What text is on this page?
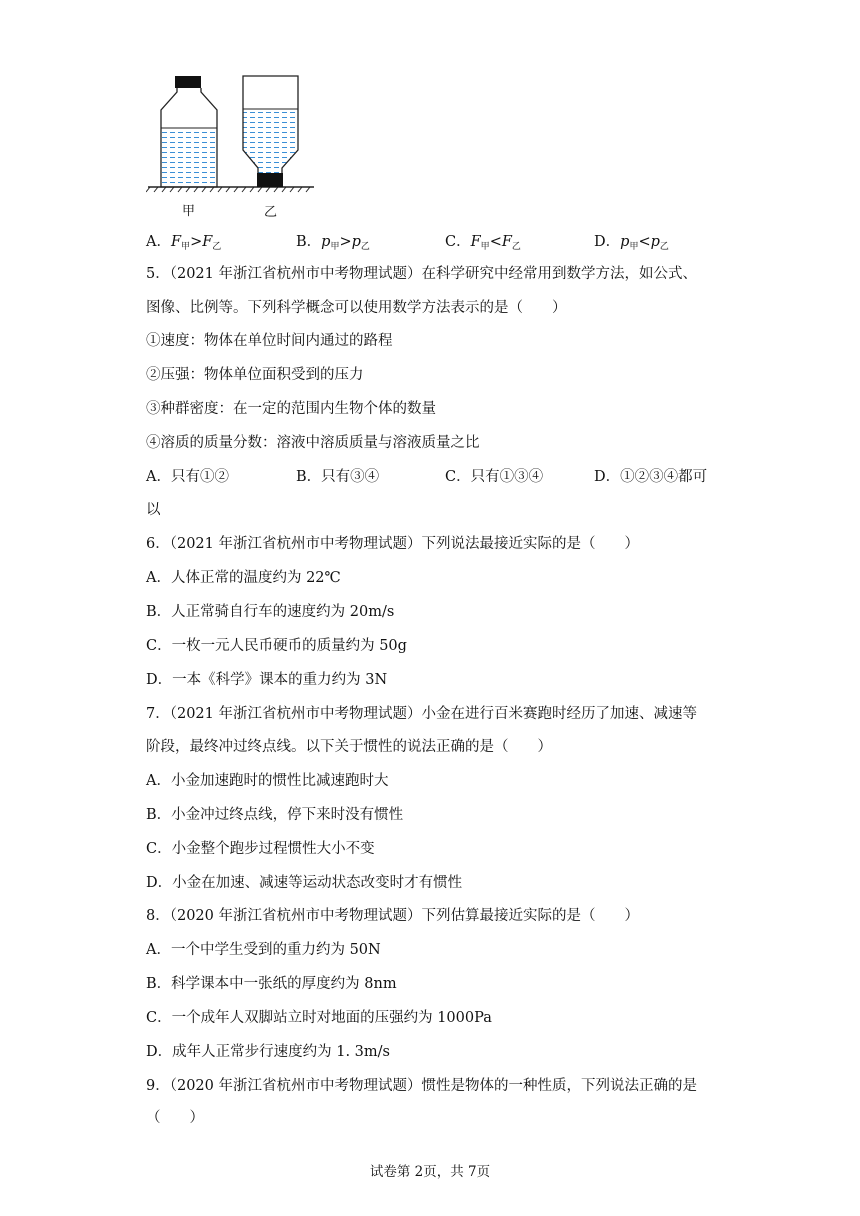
甲	乙
A．$F_甲>F_乙$	B．$p_甲>p_乙$	C．$F_甲<F_乙$	D．$p_甲<p_乙$
5．（2021 年浙江省杭州市中考物理试题）在科学研究中经常用到数学方法，如公式、
图像、比例等。下列科学概念可以使用数学方法表示的是（　　）
①速度：物体在单位时间内通过的路程
②压强：物体单位面积受到的压力
③种群密度：在一定的范围内生物个体的数量
④溶质的质量分数：溶液中溶质质量与溶液质量之比
A．只有①②	B．只有③④	C．只有①③④	D．①②③④都可
以
6．（2021 年浙江省杭州市中考物理试题）下列说法最接近实际的是（　　）
A．人体正常的温度约为 22℃
B．人正常骑自行车的速度约为 20m/s
C．一枚一元人民币硬币的质量约为 50g
D．一本《科学》课本的重力约为 3N
7．（2021 年浙江省杭州市中考物理试题）小金在进行百米赛跑时经历了加速、减速等
阶段，最终冲过终点线。以下关于惯性的说法正确的是（　　）
A．小金加速跑时的惯性比减速跑时大
B．小金冲过终点线，停下来时没有惯性
C．小金整个跑步过程惯性大小不变
D．小金在加速、减速等运动状态改变时才有惯性
8．（2020 年浙江省杭州市中考物理试题）下列估算最接近实际的是（　　）
A．一个中学生受到的重力约为 50N
B．科学课本中一张纸的厚度约为 8nm
C．一个成年人双脚站立时对地面的压强约为 1000Pa
D．成年人正常步行速度约为 1. 3m/s
9．（2020 年浙江省杭州市中考物理试题）惯性是物体的一种性质，下列说法正确的是
（　　）
试卷第 2页，共 7页
